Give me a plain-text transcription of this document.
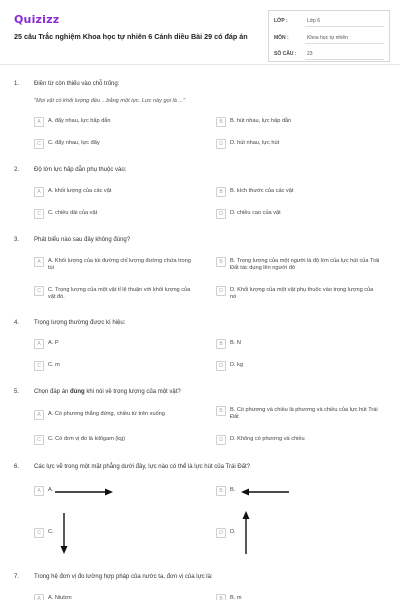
Quizizz
25 câu Trắc nghiệm Khoa học tự nhiên 6 Cánh diều Bài 29 có đáp án
LỚP :	Lớp 6
MÔN :	Khoa học tự nhiên
SỐ CÂU : 23
1. Điền từ còn thiếu vào chỗ trống:
"Mọi vật có khối lượng đều ...bằng một lực. Lực này gọi là ..."
A	A. đẩy nhau, lực hấp dẫn	B	B. hút nhau, lực hấp dẫn
C	C. đẩy nhau, lực đẩy	D	D. hút nhau, lực hút
2. Độ lớn lực hấp dẫn phụ thuộc vào:
A	A. khối lượng của các vật	B	B. kích thước của các vật
C	C. chiều dài của vật	D	D. chiều cao của vật
3. Phát biểu nào sau đây không đúng?
A	A. Khối lượng của túi đường chỉ lượng đường chứa trong túi
B	B. Trọng lượng của một người là độ lớn của lực hút của Trái Đất tác dụng lên người đó
C	C. Trọng lượng của một vật tỉ lệ thuận với khối lượng của vật đó.
D	D. Khối lượng của một vật phụ thuộc vào trọng lượng của nó
4. Trọng lượng thường được kí hiệu:
A	A. P	B	B. N
C	C. m	D	D. kg
5. Chọn đáp án đúng khi nói về trọng lượng của một vật?
A	A. Có phương thẳng đứng, chiều từ trên xuống	B	B. Có phương và chiều là phương và chiều của lực hút Trái Đất
C	C. Có đơn vị đo là kilôgam (kg)	D	D. Không có phương và chiều
6. Các lực vẽ trong một mặt phẳng dưới đây, lực nào có thể là lực hút của Trái Đất?
A	A.	B	B.
C	C.	D	D.
7. Trong hệ đơn vị đo lường hợp pháp của nước ta, đơn vị của lực là:
A	A. Niutơn	B	B. m
